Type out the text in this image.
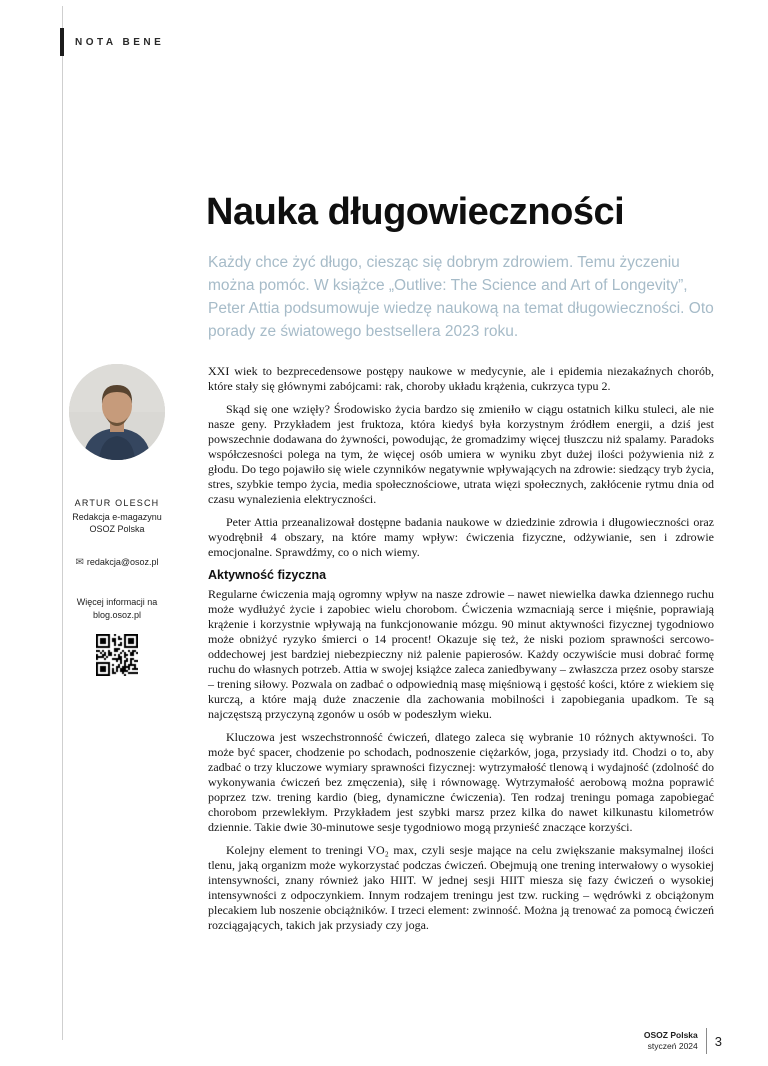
NOTA BENE
Nauka długowieczności
Każdy chce żyć długo, ciesząc się dobrym zdrowiem. Temu życzeniu można pomóc. W książce „Outlive: The Science and Art of Longevity”, Peter Attia podsumowuje wiedzę naukową na temat długowieczności. Oto porady ze światowego bestsellera 2023 roku.
ARTUR OLESCH
Redakcja e-magazynu
OSOZ Polska
✉ redakcja@osoz.pl
Więcej informacji na
blog.osoz.pl

XXI wiek to bezprecedensowe postępy naukowe w medycynie, ale i epidemia niezakaźnych chorób, które stały się głównymi zabójcami: rak, choroby układu krążenia, cukrzyca typu 2.

Skąd się one wzięły? Środowisko życia bardzo się zmieniło w ciągu ostatnich kilku stuleci, ale nie nasze geny. Przykładem jest fruktoza, która kiedyś była korzystnym źródłem energii, a dziś jest powszechnie dodawana do żywności, powodując, że gromadzimy więcej tłuszczu niż spalamy. Paradoks współczesności polega na tym, że więcej osób umiera w wyniku zbyt dużej ilości pożywienia niż z głodu. Do tego pojawiło się wiele czynników negatywnie wpływających na zdrowie: siedzący tryb życia, stres, szybkie tempo życia, media społecznościowe, utrata więzi społecznych, zakłócenie rytmu dnia od czasu wynalezienia elektryczności.

Peter Attia przeanalizował dostępne badania naukowe w dziedzinie zdrowia i długowieczności oraz wyodrębnił 4 obszary, na które mamy wpływ: ćwiczenia fizyczne, odżywianie, sen i zdrowie emocjonalne. Sprawdźmy, co o nich wiemy.

Aktywność fizyczna

Regularne ćwiczenia mają ogromny wpływ na nasze zdrowie – nawet niewielka dawka dziennego ruchu może wydłużyć życie i zapobiec wielu chorobom. Ćwiczenia wzmacniają serce i mięśnie, poprawiają krążenie i korzystnie wpływają na funkcjonowanie mózgu. 90 minut aktywności fizycznej tygodniowo może obniżyć ryzyko śmierci o 14 procent! Okazuje się też, że niski poziom sprawności sercowo-oddechowej jest bardziej niebezpieczny niż palenie papierosów. Każdy oczywiście musi dobrać formę ruchu do własnych potrzeb. Attia w swojej książce zaleca zaniedbywany – zwłaszcza przez osoby starsze – trening siłowy. Pozwala on zadbać o odpowiednią masę mięśniową i gęstość kości, które z wiekiem się kurczą, a które mają duże znaczenie dla zachowania mobilności i zapobiegania upadkom. Te są najczęstszą przyczyną zgonów u osób w podeszłym wieku.

Kluczowa jest wszechstronność ćwiczeń, dlatego zaleca się wybranie 10 różnych aktywności. To może być spacer, chodzenie po schodach, podnoszenie ciężarków, joga, przysiady itd. Chodzi o to, aby zadbać o trzy kluczowe wymiary sprawności fizycznej: wytrzymałość tlenową i wydajność (zdolność do wykonywania ćwiczeń bez zmęczenia), siłę i równowagę. Wytrzymałość aerobową można poprawić poprzez tzw. trening kardio (bieg, dynamiczne ćwiczenia). Ten rodzaj treningu pomaga zapobiegać chorobom przewlekłym. Przykładem jest szybki marsz przez kilka do nawet kilkunastu kilometrów dziennie. Takie dwie 30-minutowe sesje tygodniowo mogą przynieść znaczące korzyści.

Kolejny element to treningi VO₂ max, czyli sesje mające na celu zwiększanie maksymalnej ilości tlenu, jaką organizm może wykorzystać podczas ćwiczeń. Obejmują one trening interwałowy o wysokiej intensywności, znany również jako HIIT. W jednej sesji HIIT miesza się fazy ćwiczeń o wysokiej intensywności z odpoczynkiem. Innym rodzajem treningu jest tzw. rucking – wędrówki z obciążonym plecakiem lub noszenie obciążników. I trzeci element: zwinność. Można ją trenować za pomocą ćwiczeń rozciągających, takich jak przysiady czy joga.

OSOZ Polska
styczeń 2024 3
